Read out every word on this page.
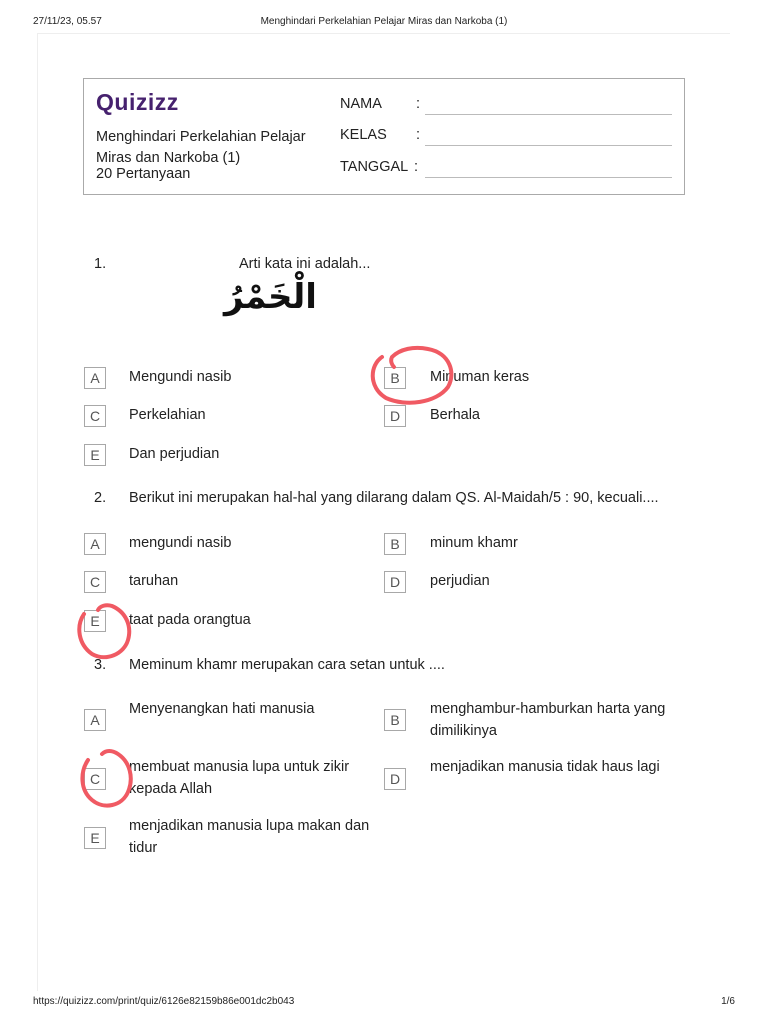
27/11/23, 05.57	Menghindari Perkelahian Pelajar Miras dan Narkoba (1)
Quizizz
Menghindari Perkelahian Pelajar Miras dan Narkoba (1)
20 Pertanyaan
NAMA :
KELAS :
TANGGAL :
1.
الْخَمْرُ
Arti kata ini adalah...
A	Mengundi nasib	B	Minuman keras
C	Perkelahian	D	Berhala
E	Dan perjudian
2. Berikut ini merupakan hal-hal yang dilarang dalam QS. Al-Maidah/5 : 90, kecuali....
A	mengundi nasib	B	minum khamr
C	taruhan	D	perjudian
E	taat pada orangtua
3. Meminum khamr merupakan cara setan untuk ....
A
Menyenangkan hati manusia
B
menghambur-hamburkan harta yang dimilikinya
C
membuat manusia lupa untuk zikir kepada Allah
D
menjadikan manusia tidak haus lagi
E
menjadikan manusia lupa makan dan tidur
https://quizizz.com/print/quiz/6126e82159b86e001dc2b043	1/6
